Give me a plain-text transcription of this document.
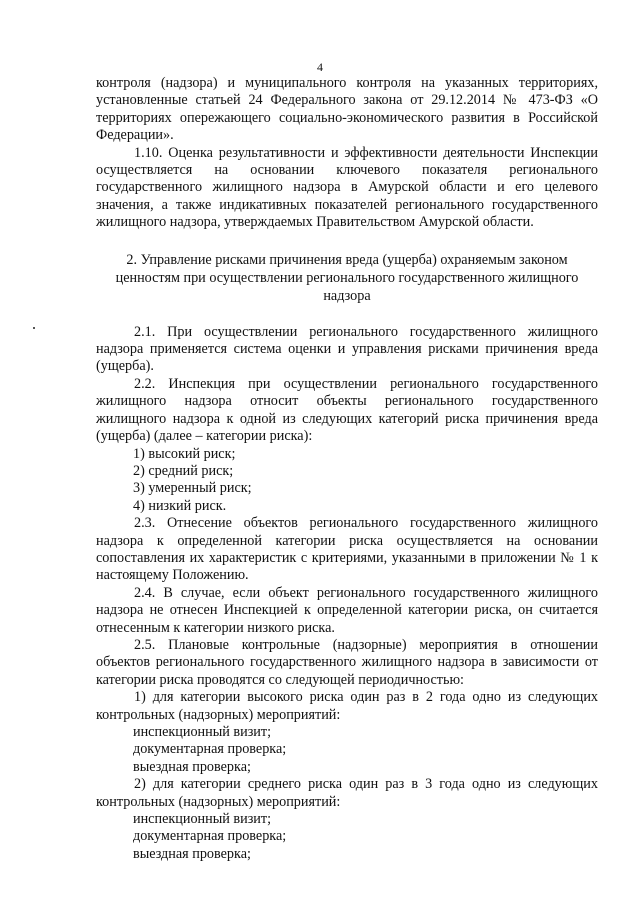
4

контроля (надзора) и муниципального контроля на указанных территориях, установленные статьей 24 Федерального закона от 29.12.2014 № 473-ФЗ «О территориях опережающего социально-экономического развития в Российской Федерации».

1.10. Оценка результативности и эффективности деятельности Инспекции осуществляется на основании ключевого показателя регионального государственного жилищного надзора в Амурской области и его целевого значения, а также индикативных показателей регионального государственного жилищного надзора, утверждаемых Правительством Амурской области.

2. Управление рисками причинения вреда (ущерба) охраняемым законом ценностям при осуществлении регионального государственного жилищного надзора

2.1. При осуществлении регионального государственного жилищного надзора применяется система оценки и управления рисками причинения вреда (ущерба).

2.2. Инспекция при осуществлении регионального государственного жилищного надзора относит объекты регионального государственного жилищного надзора к одной из следующих категорий риска причинения вреда (ущерба) (далее – категории риска):

1) высокий риск;

2) средний риск;

3) умеренный риск;

4) низкий риск.

2.3. Отнесение объектов регионального государственного жилищного надзора к определенной категории риска осуществляется на основании сопоставления их характеристик с критериями, указанными в приложении № 1 к настоящему Положению.

2.4. В случае, если объект регионального государственного жилищного надзора не отнесен Инспекцией к определенной категории риска, он считается отнесенным к категории низкого риска.

2.5. Плановые контрольные (надзорные) мероприятия в отношении объектов регионального государственного жилищного надзора в зависимости от категории риска проводятся со следующей периодичностью:

1) для категории высокого риска один раз в 2 года одно из следующих контрольных (надзорных) мероприятий:

инспекционный визит;

документарная проверка;

выездная проверка;

2) для категории среднего риска один раз в 3 года одно из следующих контрольных (надзорных) мероприятий:

инспекционный визит;

документарная проверка;

выездная проверка;
